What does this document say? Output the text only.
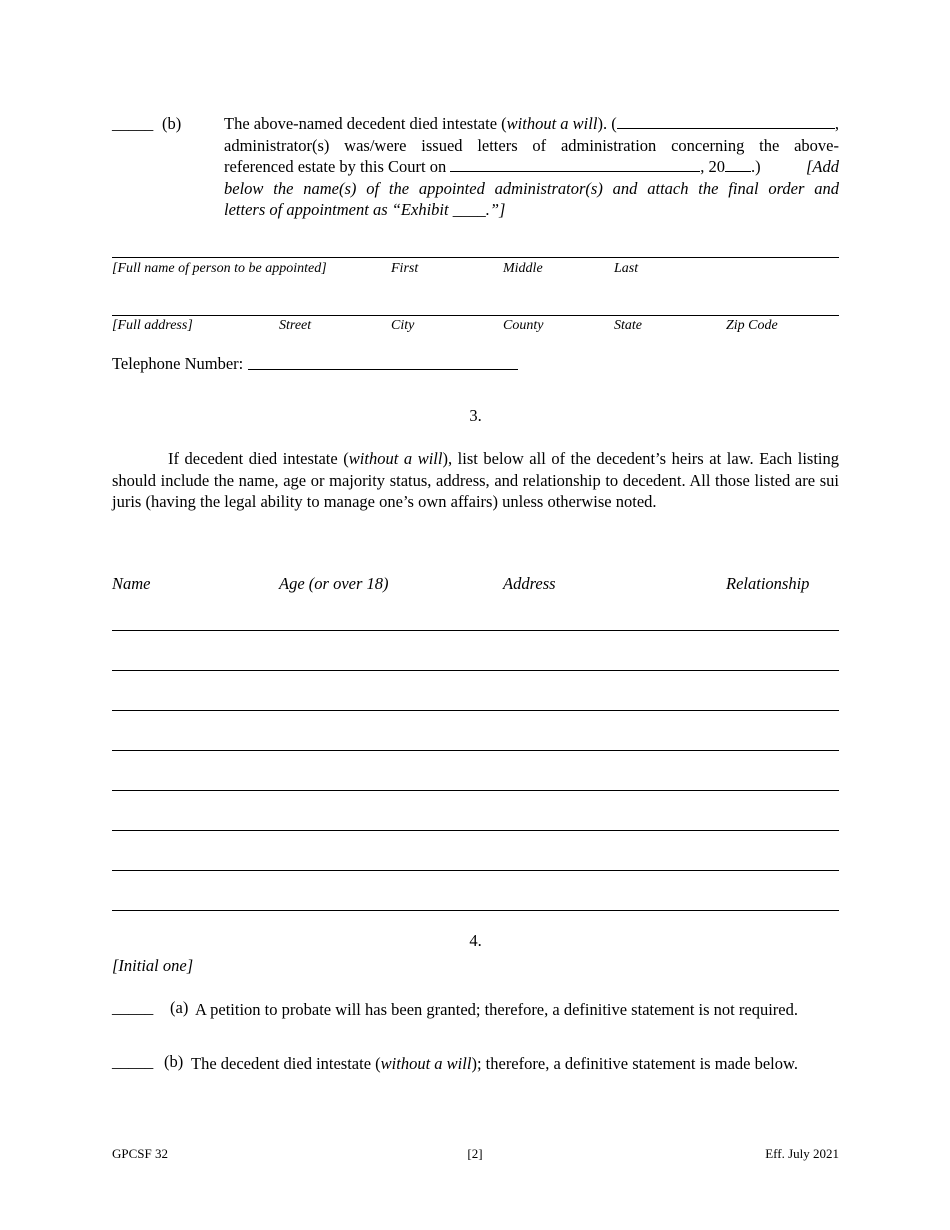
_____ (b)	The above-named decedent died intestate ( without a will ). (	,
administrator(s) was/were issued letters of administration concerning the above-
referenced estate by this Court on	, 20 .)	[Add
below the name(s) of the appointed administrator(s) and attach the final order and
letters of appointment as “Exhibit ____.”]
[Full name of person to be appointed]	First	Middle	Last
[Full address]	Street	City	County	State	Zip Code
Telephone Number:
3.
If decedent died intestate (without a will), list below all of the decedent’s heirs at law. Each listing should include the name, age or majority status, address, and relationship to decedent. All those listed are sui juris (having the legal ability to manage one’s own affairs) unless otherwise noted.
Name	Age (or over 18)	Address	Relationship
4.
[Initial one]
_____ (a) A petition to probate will has been granted; therefore, a definitive statement is not required.
_____ (b) The decedent died intestate (without a will); therefore, a definitive statement is made below.
GPCSF 32	[2]	Eff. July 2021
